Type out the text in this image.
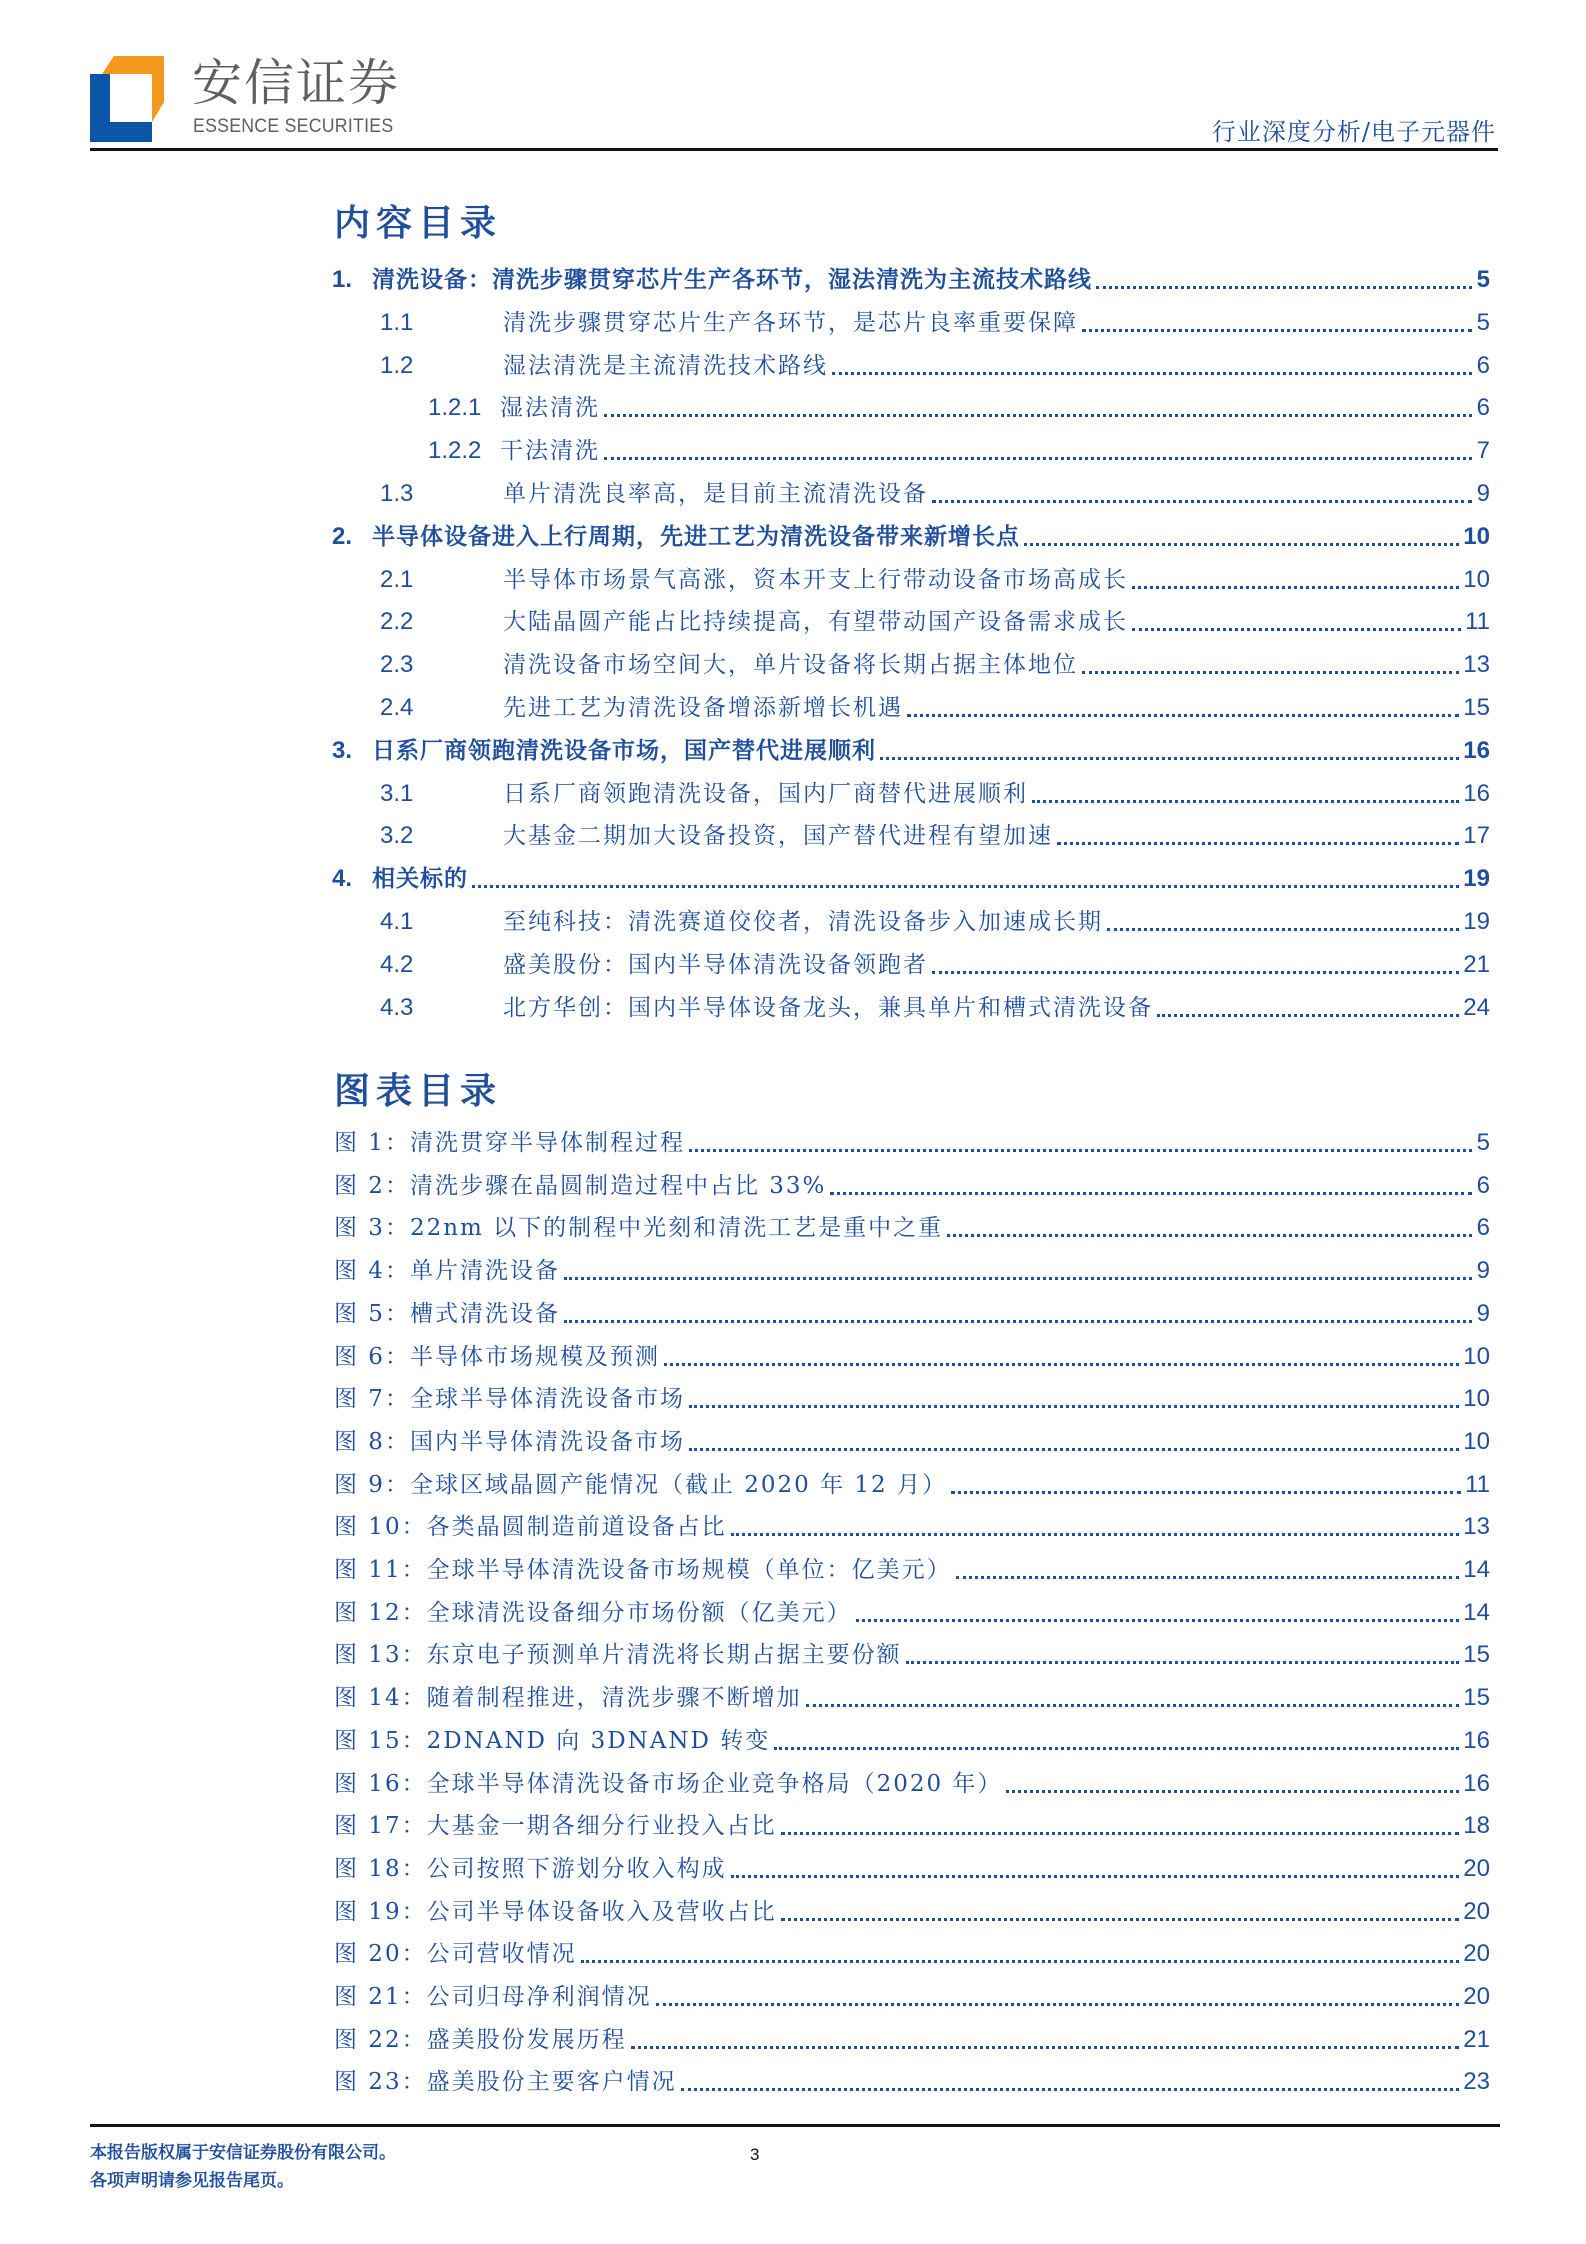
安信证券
ESSENCE SECURITIES	行业深度分析/电子元器件
内容目录
1. 清洗设备：清洗步骤贯穿芯片生产各环节，湿法清洗为主流技术路线	5
1.1	清洗步骤贯穿芯片生产各环节，是芯片良率重要保障	5
1.2	湿法清洗是主流清洗技术路线	6
1.2.1 湿法清洗	6
1.2.2 干法清洗	7
1.3	单片清洗良率高，是目前主流清洗设备	9
2. 半导体设备进入上行周期，先进工艺为清洗设备带来新增长点	10
2.1	半导体市场景气高涨，资本开支上行带动设备市场高成长	10
2.2	大陆晶圆产能占比持续提高，有望带动国产设备需求成长	11
2.3	清洗设备市场空间大，单片设备将长期占据主体地位	13
2.4	先进工艺为清洗设备增添新增长机遇	15
3. 日系厂商领跑清洗设备市场，国产替代进展顺利	16
3.1	日系厂商领跑清洗设备，国内厂商替代进展顺利	16
3.2	大基金二期加大设备投资，国产替代进程有望加速	17
4. 相关标的	19
4.1	至纯科技：清洗赛道佼佼者，清洗设备步入加速成长期	19
4.2	盛美股份：国内半导体清洗设备领跑者	21
4.3	北方华创：国内半导体设备龙头，兼具单片和槽式清洗设备	24
图表目录
图 1： 清洗贯穿半导体制程过程	5
图 2： 清洗步骤在晶圆制造过程中占比 33%	6
图 3： 22nm 以下的制程中光刻和清洗工艺是重中之重	6
图 4： 单片清洗设备	9
图 5： 槽式清洗设备	9
图 6： 半导体市场规模及预测	10
图 7： 全球半导体清洗设备市场	10
图 8： 国内半导体清洗设备市场	10
图 9： 全球区域晶圆产能情况（截止 2020 年 12 月）	11
图 10： 各类晶圆制造前道设备占比	13
图 11： 全球半导体清洗设备市场规模（单位：亿美元）	14
图 12： 全球清洗设备细分市场份额（亿美元）	14
图 13： 东京电子预测单片清洗将长期占据主要份额	15
图 14： 随着制程推进，清洗步骤不断增加	15
图 15： 2DNAND 向 3DNAND 转变	16
图 16： 全球半导体清洗设备市场企业竞争格局（2020 年）	16
图 17： 大基金一期各细分行业投入占比	18
图 18： 公司按照下游划分收入构成	20
图 19： 公司半导体设备收入及营收占比	20
图 20： 公司营收情况	20
图 21： 公司归母净利润情况	20
图 22： 盛美股份发展历程	21
图 23： 盛美股份主要客户情况	23
本报告版权属于安信证券股份有限公司。
各项声明请参见报告尾页。
3
